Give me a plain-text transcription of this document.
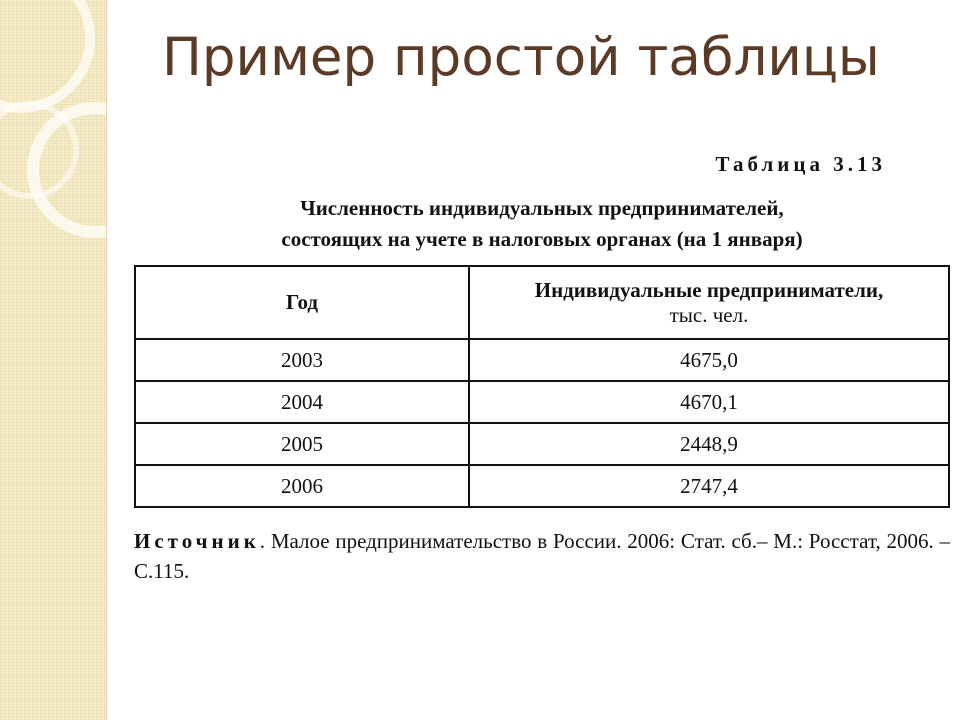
Пример простой таблицы
Таблица 3.13
Численность индивидуальных предпринимателей,
состоящих на учете в налоговых органах (на 1 января)
Год	Индивидуальные предприниматели,
тыс. чел.

2003	4675,0
2004	4670,1
2005	2448,9
2006	2747,4
Источник. Малое предпринимательство в России. 2006: Стат. сб.– М.: Росстат, 2006. – С.115.
